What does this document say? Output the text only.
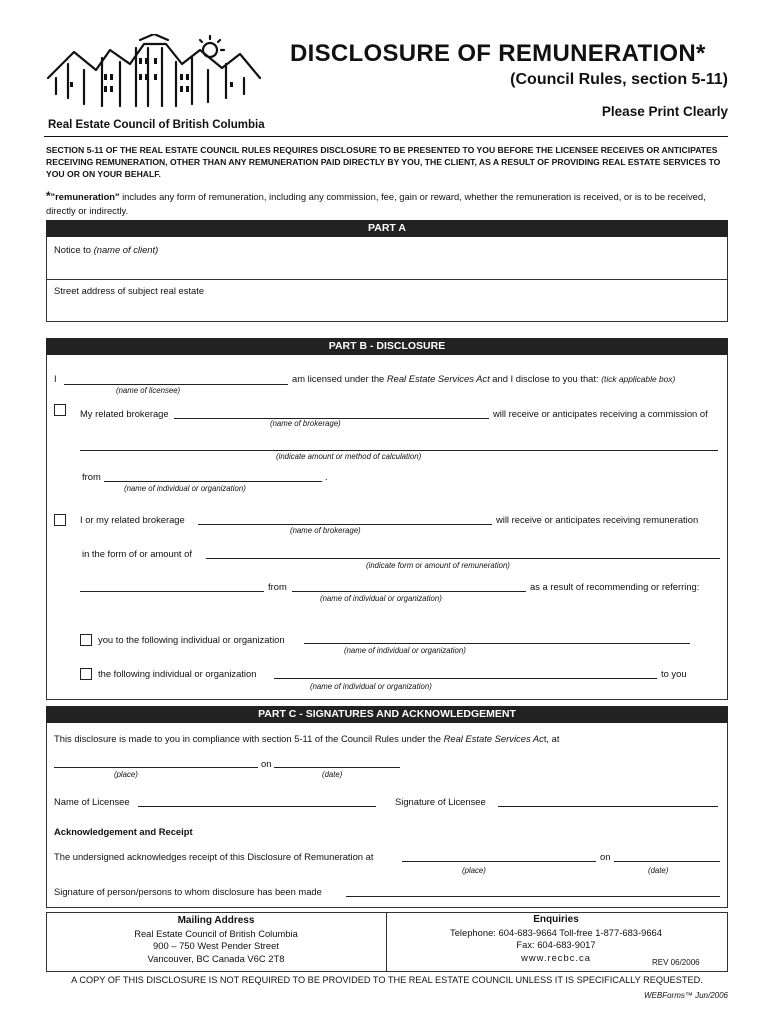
Real Estate Council of British Columbia
DISCLOSURE OF REMUNERATION*
(Council Rules, section 5-11)
Please Print Clearly
SECTION 5-11 OF THE REAL ESTATE COUNCIL RULES REQUIRES DISCLOSURE TO BE PRESENTED TO YOU BEFORE THE LICENSEE RECEIVES OR ANTICIPATES RECEIVING REMUNERATION, OTHER THAN ANY REMUNERATION PAID DIRECTLY BY YOU, THE CLIENT, AS A RESULT OF PROVIDING REAL ESTATE SERVICES TO YOU OR ON YOUR BEHALF.
*"remuneration" includes any form of remuneration, including any commission, fee, gain or reward, whether the remuneration is received, or is to be received, directly or indirectly.
PART A
Notice to (name of client)
Street address of subject real estate
PART B - DISCLOSURE
I
(name of licensee)
am licensed under the Real Estate Services Act and I disclose to you that: (tick applicable box)
My related brokerage	will receive or anticipates receiving a commission of
(name of brokerage)
(indicate amount or method of calculation)
from	.
(name of individual or organization)
I or my related brokerage	will receive or anticipates receiving remuneration
(name of brokerage)
in the form of or amount of
(indicate form or amount of remuneration)
from	as a result of recommending or referring:
(name of individual or organization)
you to the following individual or organization
(name of individual or organization)
the following individual or organization	to you
(name of individual or organization)
PART C - SIGNATURES AND ACKNOWLEDGEMENT
This disclosure is made to you in compliance with section 5-11 of the Council Rules under the Real Estate Services Act, at
on
(place)	(date)
Name of Licensee	Signature of Licensee
Acknowledgement and Receipt
The undersigned acknowledges receipt of this Disclosure of Remuneration at	on
(place)	(date)
Signature of person/persons to whom disclosure has been made
Mailing Address
Real Estate Council of British Columbia
900 – 750 West Pender Street
Vancouver, BC Canada V6C 2T8
Enquiries
Telephone: 604-683-9664 Toll-free 1-877-683-9664
Fax: 604-683-9017
www.recbc.ca	REV 06/2006
A COPY OF THIS DISCLOSURE IS NOT REQUIRED TO BE PROVIDED TO THE REAL ESTATE COUNCIL UNLESS IT IS SPECIFICALLY REQUESTED.
WEBForms™ Jun/2006
